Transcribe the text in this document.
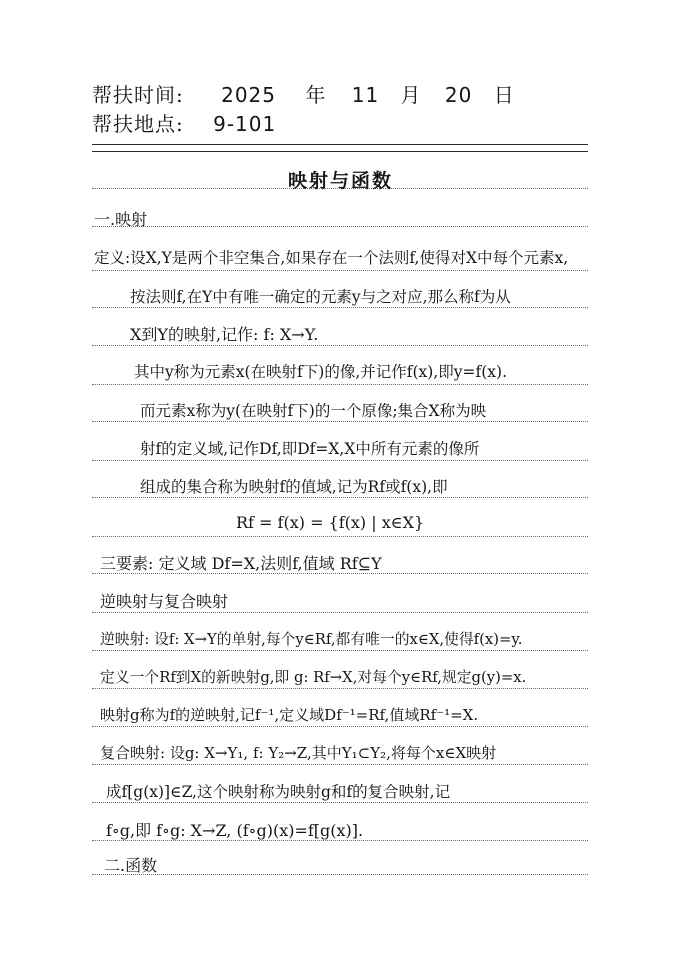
帮扶时间: 2025 年 11 月 20 日
帮扶地点: 9-101
映射与函数
一.映射
定义:设X,Y是两个非空集合,如果存在一个法则f,使得对X中每个元素x,
按法则f,在Y中有唯一确定的元素y与之对应,那么称f为从
X到Y的映射,记作: f: X→Y.
其中y称为元素x(在映射f下)的像,并记作f(x),即y=f(x).
而元素x称为y(在映射f下)的一个原像;集合X称为映
射f的定义域,记作Df,即Df=X,X中所有元素的像所
组成的集合称为映射f的值域,记为Rf或f(x),即
Rf = f(x) = {f(x) | x∈X}
三要素: 定义域 Df=X,法则f,值域 Rf⊆Y
逆映射与复合映射
逆映射: 设f: X→Y的单射,每个y∈Rf,都有唯一的x∈X,使得f(x)=y.
定义一个Rf到X的新映射g,即 g: Rf→X,对每个y∈Rf,规定g(y)=x.
映射g称为f的逆映射,记f⁻¹,定义域Df⁻¹=Rf,值域Rf⁻¹=X.
复合映射: 设g: X→Y₁, f: Y₂→Z,其中Y₁⊂Y₂,将每个x∈X映射
成f[g(x)]∈Z,这个映射称为映射g和f的复合映射,记
f∘g,即 f∘g: X→Z, (f∘g)(x)=f[g(x)].
二.函数
